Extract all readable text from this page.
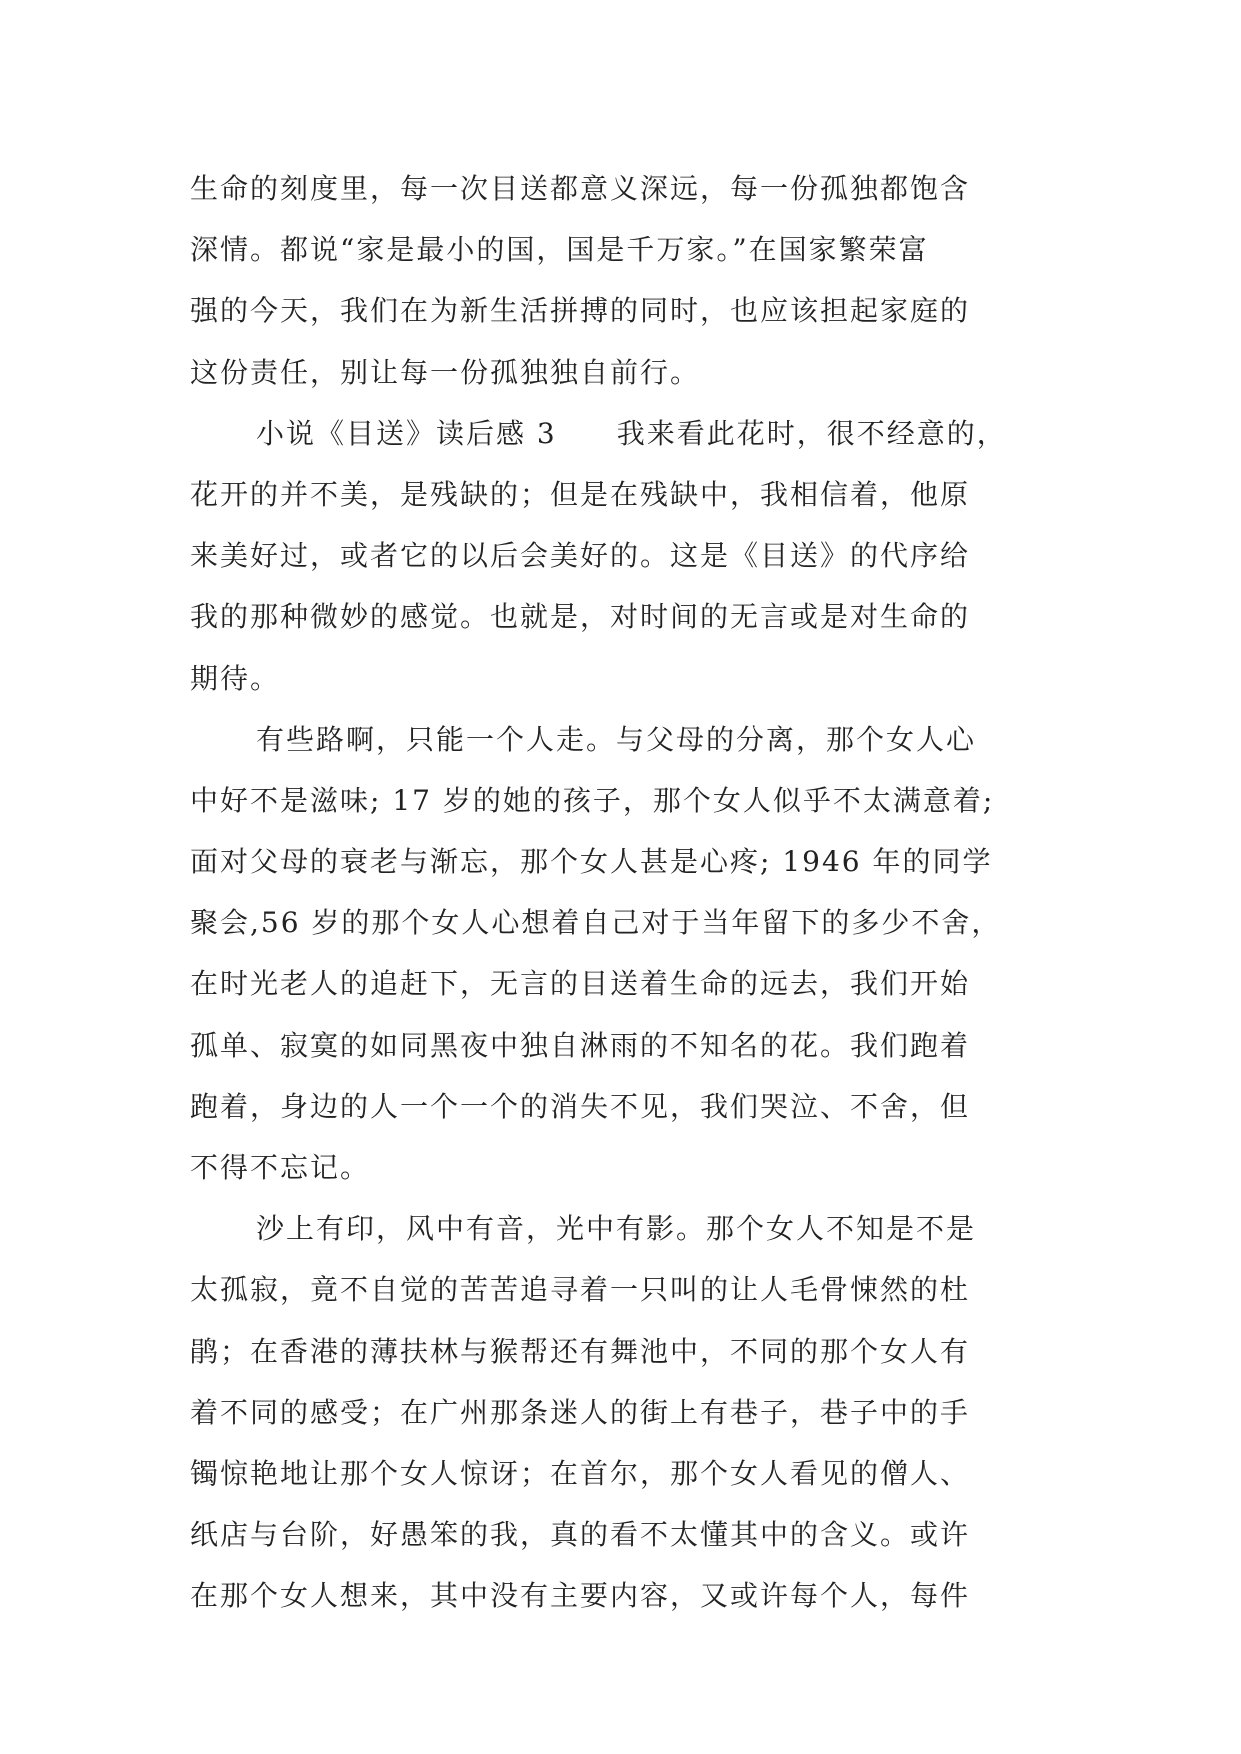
生命的刻度里，每一次目送都意义深远，每一份孤独都饱含
深情。都说“家是最小的国，国是千万家。”在国家繁荣富
强的今天，我们在为新生活拼搏的同时，也应该担起家庭的
这份责任，别让每一份孤独独自前行。
小说《目送》读后感 3　　我来看此花时，很不经意的，
花开的并不美，是残缺的；但是在残缺中，我相信着，他原
来美好过，或者它的以后会美好的。这是《目送》的代序给
我的那种微妙的感觉。也就是，对时间的无言或是对生命的
期待。
有些路啊，只能一个人走。与父母的分离，那个女人心
中好不是滋味; 17 岁的她的孩子，那个女人似乎不太满意着;
面对父母的衰老与渐忘，那个女人甚是心疼; 1946 年的同学
聚会,56 岁的那个女人心想着自己对于当年留下的多少不舍，
在时光老人的追赶下，无言的目送着生命的远去，我们开始
孤单、寂寞的如同黑夜中独自淋雨的不知名的花。我们跑着
跑着，身边的人一个一个的消失不见，我们哭泣、不舍，但
不得不忘记。
沙上有印，风中有音，光中有影。那个女人不知是不是
太孤寂，竟不自觉的苦苦追寻着一只叫的让人毛骨悚然的杜
鹃；在香港的薄扶林与猴帮还有舞池中，不同的那个女人有
着不同的感受；在广州那条迷人的街上有巷子，巷子中的手
镯惊艳地让那个女人惊讶；在首尔，那个女人看见的僧人、
纸店与台阶，好愚笨的我，真的看不太懂其中的含义。或许
在那个女人想来，其中没有主要内容，又或许每个人，每件
